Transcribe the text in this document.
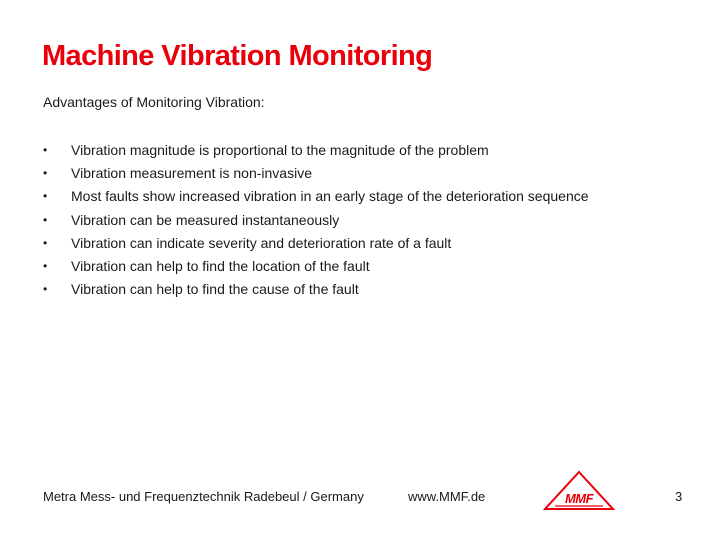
Machine Vibration Monitoring
Advantages of Monitoring Vibration:
•	Vibration magnitude is proportional to the magnitude of the problem
•	Vibration measurement is non-invasive
•	Most faults show increased vibration in an early stage of the deterioration sequence
•	Vibration can be measured instantaneously
•	Vibration can indicate severity and deterioration rate of a fault
•	Vibration can help to find the location of the fault
•	Vibration can help to find the cause of the fault
Metra Mess- und Frequenztechnik Radebeul / Germany	www.MMF.de	MMF	3
